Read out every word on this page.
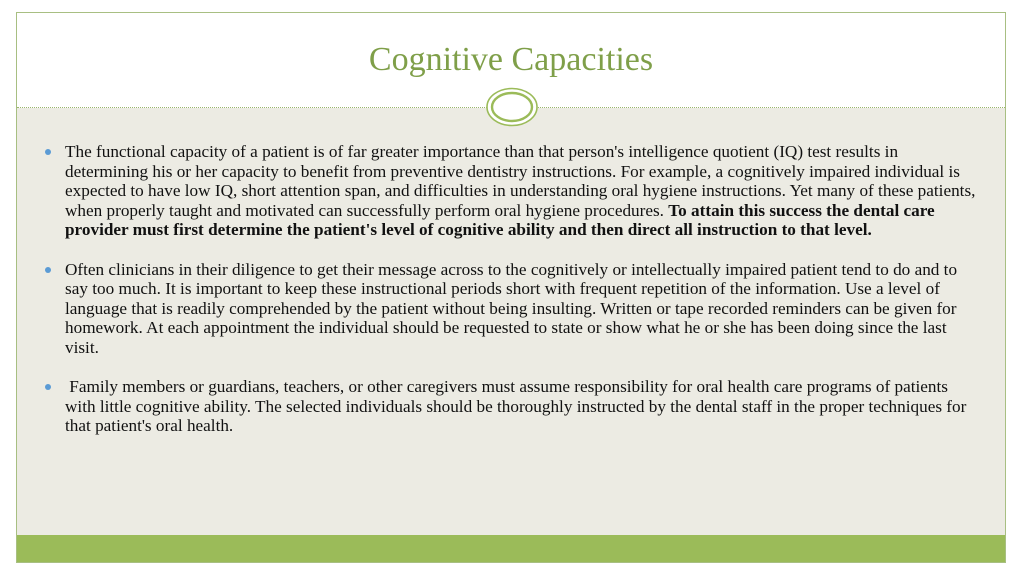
Cognitive Capacities
The functional capacity of a patient is of far greater importance than that person's intelligence quotient (IQ) test results in determining his or her capacity to benefit from preventive dentistry instructions. For example, a cognitively impaired individual is expected to have low IQ, short attention span, and difficulties in understanding oral hygiene instructions. Yet many of these patients, when properly taught and motivated can successfully perform oral hygiene procedures. To attain this success the dental care provider must first determine the patient's level of cognitive ability and then direct all instruction to that level.
Often clinicians in their diligence to get their message across to the cognitively or intellectually impaired patient tend to do and to say too much. It is important to keep these instructional periods short with frequent repetition of the information. Use a level of language that is readily comprehended by the patient without being insulting. Written or tape recorded reminders can be given for homework. At each appointment the individual should be requested to state or show what he or she has been doing since the last visit.
Family members or guardians, teachers, or other caregivers must assume responsibility for oral health care programs of patients with little cognitive ability. The selected individuals should be thoroughly instructed by the dental staff in the proper techniques for that patient's oral health.
